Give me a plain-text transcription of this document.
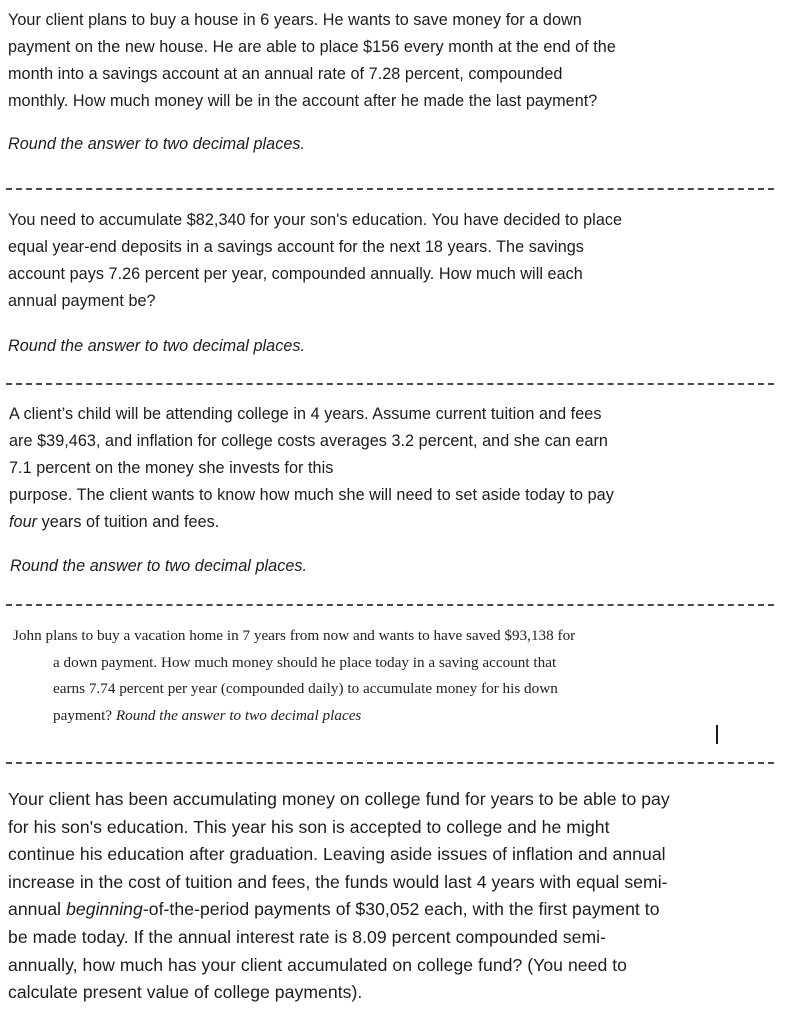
Your client plans to buy a house in 6 years. He wants to save money for a down
payment on the new house. He are able to place $156 every month at the end of the
month into a savings account at an annual rate of 7.28 percent, compounded
monthly. How much money will be in the account after he made the last payment?

Round the answer to two decimal places.

You need to accumulate $82,340 for your son's education. You have decided to place
equal year-end deposits in a savings account for the next 18 years. The savings
account pays 7.26 percent per year, compounded annually. How much will each
annual payment be?

Round the answer to two decimal places.

A client’s child will be attending college in 4 years. Assume current tuition and fees
are $39,463, and inflation for college costs averages 3.2 percent, and she can earn
7.1 percent on the money she invests for this
purpose. The client wants to know how much she will need to set aside today to pay
four years of tuition and fees.

Round the answer to two decimal places.

John plans to buy a vacation home in 7 years from now and wants to have saved $93,138 for
a down payment. How much money should he place today in a saving account that
earns 7.74 percent per year (compounded daily) to accumulate money for his down
payment? Round the answer to two decimal places

Your client has been accumulating money on college fund for years to be able to pay
for his son's education. This year his son is accepted to college and he might
continue his education after graduation. Leaving aside issues of inflation and annual
increase in the cost of tuition and fees, the funds would last 4 years with equal semi-
annual beginning-of-the-period payments of $30,052 each, with the first payment to
be made today. If the annual interest rate is 8.09 percent compounded semi-
annually, how much has your client accumulated on college fund? (You need to
calculate present value of college payments).
